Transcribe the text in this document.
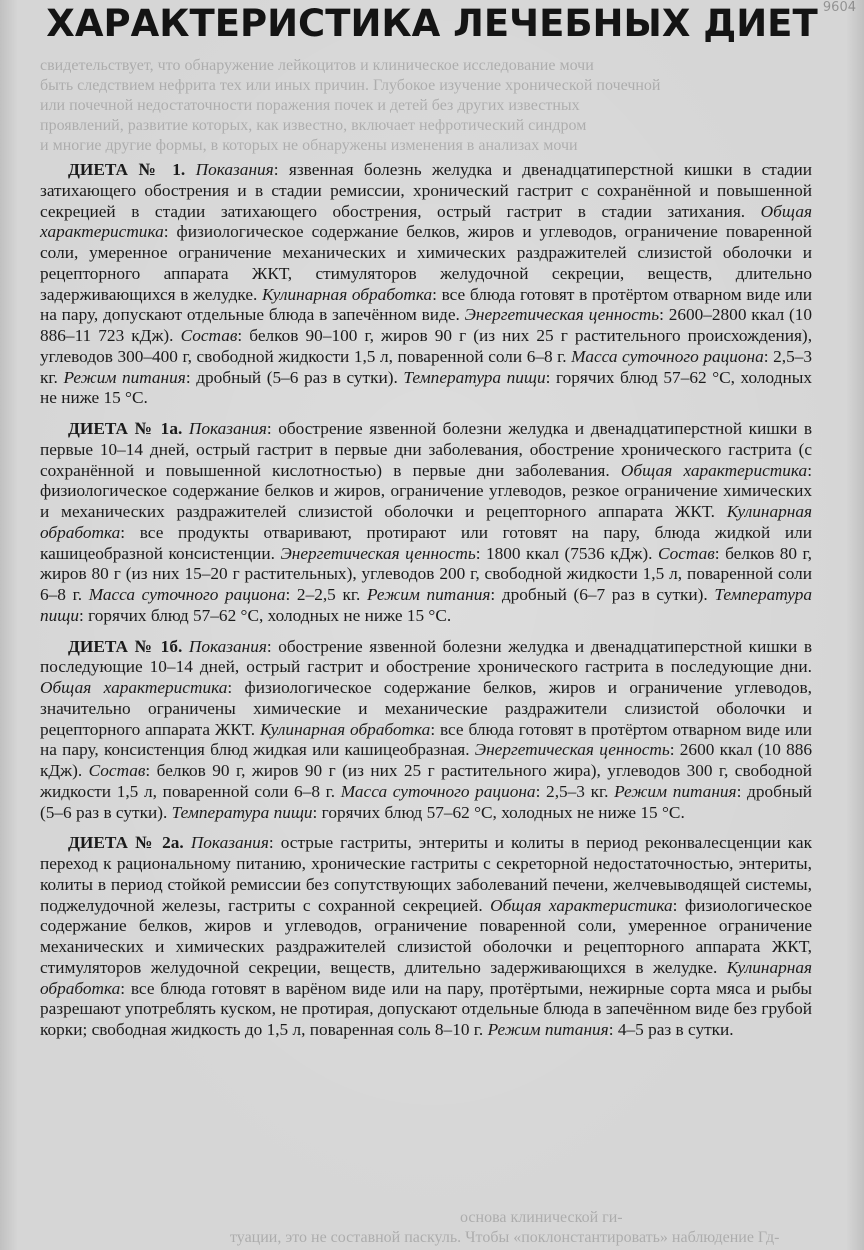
9604
ХАРАКТЕРИСТИКА ЛЕЧЕБНЫХ ДИЕТ
свидетельствует, что обнаружение лейкоцитов и клиническое исследование мочи
быть следствием нефрита тех или иных причин. Глубокое изучение хронической почечной
или почечной недостаточности поражения почек и детей без других известных
проявлений, развитие которых, как известно, включает нефротический синдром
и многие другие формы, в которых не обнаружены изменения в анализах мочи

ДИЕТА № 1. Показания: язвенная болезнь желудка и двенадцатиперстной кишки в стадии затихающего обострения и в стадии ремиссии, хронический гастрит с сохранённой и повышенной секрецией в стадии затихающего обострения, острый гастрит в стадии затихания. Общая характеристика: физиологическое содержание белков, жиров и углеводов, ограничение поваренной соли, умеренное ограничение механических и химических раздражителей слизистой оболочки и рецепторного аппарата ЖКТ, стимуляторов желудочной секреции, веществ, длительно задерживающихся в желудке. Кулинарная обработка: все блюда готовят в протёртом отварном виде или на пару, допускают отдельные блюда в запечённом виде. Энергетическая ценность: 2600–2800 ккал (10 886–11 723 кДж). Состав: белков 90–100 г, жиров 90 г (из них 25 г растительного происхождения), углеводов 300–400 г, свободной жидкости 1,5 л, поваренной соли 6–8 г. Масса суточного рациона: 2,5–3 кг. Режим питания: дробный (5–6 раз в сутки). Температура пищи: горячих блюд 57–62 °С, холодных не ниже 15 °С.

ДИЕТА № 1а. Показания: обострение язвенной болезни желудка и двенадцатиперстной кишки в первые 10–14 дней, острый гастрит в первые дни заболевания, обострение хронического гастрита (с сохранённой и повышенной кислотностью) в первые дни заболевания. Общая характеристика: физиологическое содержание белков и жиров, ограничение углеводов, резкое ограничение химических и механических раздражителей слизистой оболочки и рецепторного аппарата ЖКТ. Кулинарная обработка: все продукты отваривают, протирают или готовят на пару, блюда жидкой или кашицеобразной консистенции. Энергетическая ценность: 1800 ккал (7536 кДж). Состав: белков 80 г, жиров 80 г (из них 15–20 г растительных), углеводов 200 г, свободной жидкости 1,5 л, поваренной соли 6–8 г. Масса суточного рациона: 2–2,5 кг. Режим питания: дробный (6–7 раз в сутки). Температура пищи: горячих блюд 57–62 °С, холодных не ниже 15 °С.

ДИЕТА № 1б. Показания: обострение язвенной болезни желудка и двенадцатиперстной кишки в последующие 10–14 дней, острый гастрит и обострение хронического гастрита в последующие дни. Общая характеристика: физиологическое содержание белков, жиров и ограничение углеводов, значительно ограничены химические и механические раздражители слизистой оболочки и рецепторного аппарата ЖКТ. Кулинарная обработка: все блюда готовят в протёртом отварном виде или на пару, консистенция блюд жидкая или кашицеобразная. Энергетическая ценность: 2600 ккал (10 886 кДж). Состав: белков 90 г, жиров 90 г (из них 25 г растительного жира), углеводов 300 г, свободной жидкости 1,5 л, поваренной соли 6–8 г. Масса суточного рациона: 2,5–3 кг. Режим питания: дробный (5–6 раз в сутки). Температура пищи: горячих блюд 57–62 °С, холодных не ниже 15 °С.

ДИЕТА № 2а. Показания: острые гастриты, энтериты и колиты в период реконвалесценции как переход к рациональному питанию, хронические гастриты с секреторной недостаточностью, энтериты, колиты в период стойкой ремиссии без сопутствующих заболеваний печени, желчевыводящей системы, поджелудочной железы, гастриты с сохранной секрецией. Общая характеристика: физиологическое содержание белков, жиров и углеводов, ограничение поваренной соли, умеренное ограничение механических и химических раздражителей слизистой оболочки и рецепторного аппарата ЖКТ, стимуляторов желудочной секреции, веществ, длительно задерживающихся в желудке. Кулинарная обработка: все блюда готовят в варёном виде или на пару, протёртыми, нежирные сорта мяса и рыбы разрешают употреблять куском, не протирая, допускают отдельные блюда в запечённом виде без грубой корки; свободная жидкость до 1,5 л, поваренная соль 8–10 г. Режим питания: 4–5 раз в сутки.

основа клинической ги-
туации, это не составной паскуль. Чтобы «поклонстантировать» наблюдение Гд-
